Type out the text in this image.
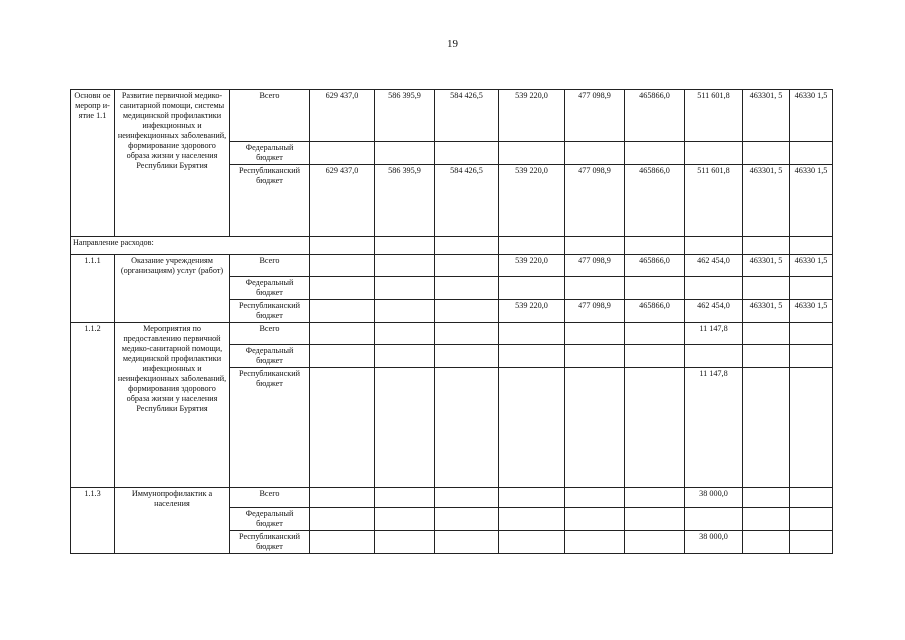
19
Основн ое меропр и-ятие 1.1	Развитие первичной медико-санитарной помощи, системы медицинской профилактики инфекционных и неинфекционных заболеваний, формирование здорового образа жизни у населения Республики Бурятия	Всего	629 437,0	586 395,9	584 426,5	539 220,0	477 098,9	465866,0	511 601,8	463301, 5	46330 1,5
		Федеральный бюджет									
		Республиканский бюджет	629 437,0	586 395,9	584 426,5	539 220,0	477 098,9	465866,0	511 601,8	463301, 5	46330 1,5
Направление расходов:											
1.1.1	Оказание учреждениям (организациям) услуг (работ)	Всего				539 220,0	477 098,9	465866,0	462 454,0	463301, 5	46330 1,5
		Федеральный бюджет									
		Республиканский бюджет				539 220,0	477 098,9	465866,0	462 454,0	463301, 5	46330 1,5
1.1.2	Мероприятия по предоставлению первичной медико-санитарной помощи, медицинской профилактики инфекционных и неинфекционных заболеваний, формирования здорового образа жизни у населения Республики Бурятия	Всего							11 147,8		
		Федеральный бюджет									
		Республиканский бюджет							11 147,8		
1.1.3	Иммунопрофилактик а населения	Всего							38 000,0		
		Федеральный бюджет									
		Республиканский бюджет							38 000,0		
